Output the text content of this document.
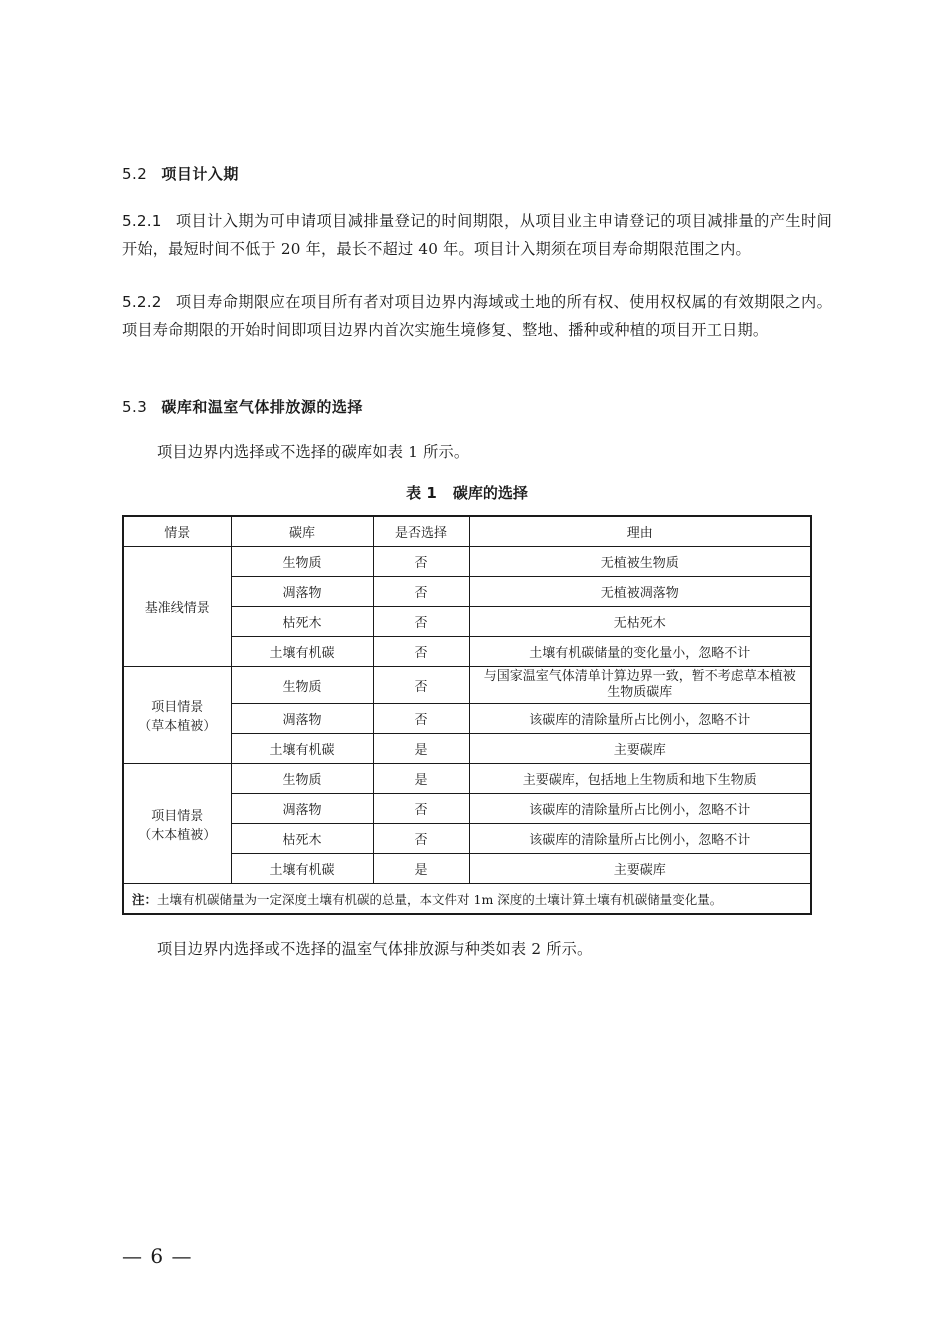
5.2 项目计入期
5.2.1 项目计入期为可申请项目减排量登记的时间期限，从项目业主申请登记的项目减排量的产生时间开始，最短时间不低于 20 年，最长不超过 40 年。项目计入期须在项目寿命期限范围之内。
5.2.2 项目寿命期限应在项目所有者对项目边界内海域或土地的所有权、使用权权属的有效期限之内。项目寿命期限的开始时间即项目边界内首次实施生境修复、整地、播种或种植的项目开工日期。
5.3 碳库和温室气体排放源的选择
项目边界内选择或不选择的碳库如表 1 所示。
表 1 碳库的选择
情景	碳库	是否选择	理由
基准线情景	生物质	否	无植被生物质
	凋落物	否	无植被凋落物
	枯死木	否	无枯死木
	土壤有机碳	否	土壤有机碳储量的变化量小，忽略不计

项目情景
（草本植被）	生物质	否	与国家温室气体清单计算边界一致，暂不考虑草本植被生物质碳库
	凋落物	否	该碳库的清除量所占比例小，忽略不计
	土壤有机碳	是	主要碳库

项目情景
（木本植被）	生物质	是	主要碳库，包括地上生物质和地下生物质
	凋落物	否	该碳库的清除量所占比例小，忽略不计
	枯死木	否	该碳库的清除量所占比例小，忽略不计
	土壤有机碳	是	主要碳库
注：土壤有机碳储量为一定深度土壤有机碳的总量，本文件对 1m 深度的土壤计算土壤有机碳储量变化量。			
项目边界内选择或不选择的温室气体排放源与种类如表 2 所示。
— 6 —
